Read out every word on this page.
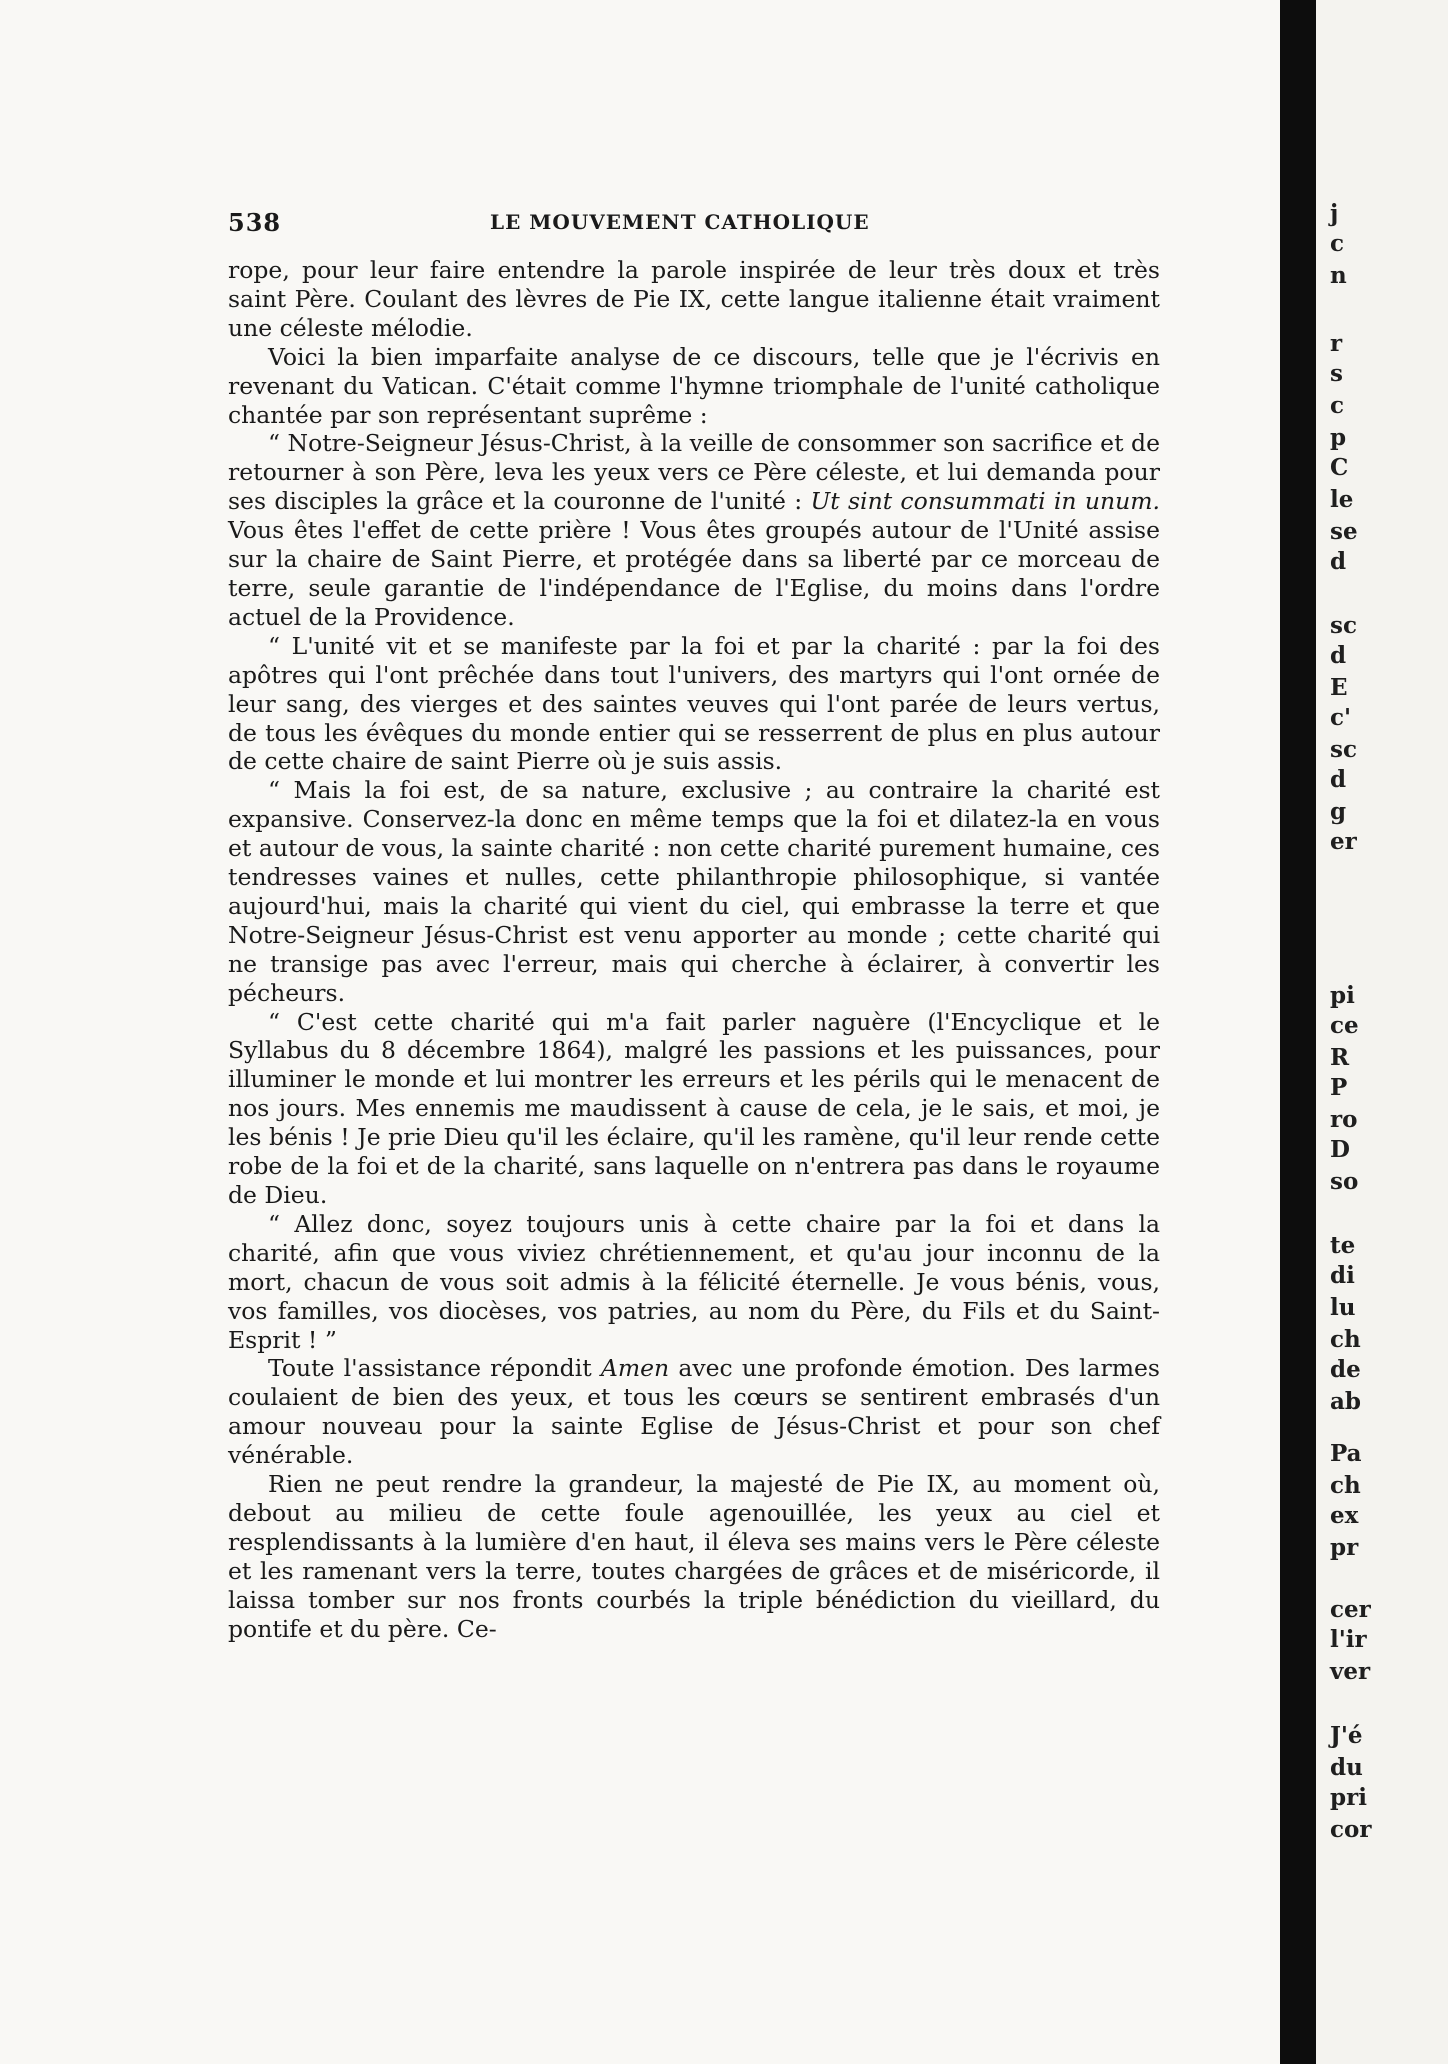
538	LE MOUVEMENT CATHOLIQUE

rope, pour leur faire entendre la parole inspirée de leur très doux et très saint Père. Coulant des lèvres de Pie IX, cette langue italienne était vraiment une céleste mélodie.

Voici la bien imparfaite analyse de ce discours, telle que je l'écrivis en revenant du Vatican. C'était comme l'hymne triomphale de l'unité catholique chantée par son représentant suprême :

“ Notre-Seigneur Jésus-Christ, à la veille de consommer son sacrifice et de retourner à son Père, leva les yeux vers ce Père céleste, et lui demanda pour ses disciples la grâce et la couronne de l'unité : Ut sint consummati in unum. Vous êtes l'effet de cette prière ! Vous êtes groupés autour de l'Unité assise sur la chaire de Saint Pierre, et protégée dans sa liberté par ce morceau de terre, seule garantie de l'indépendance de l'Eglise, du moins dans l'ordre actuel de la Providence.

“ L'unité vit et se manifeste par la foi et par la charité : par la foi des apôtres qui l'ont prêchée dans tout l'univers, des martyrs qui l'ont ornée de leur sang, des vierges et des saintes veuves qui l'ont parée de leurs vertus, de tous les évêques du monde entier qui se resserrent de plus en plus autour de cette chaire de saint Pierre où je suis assis.

“ Mais la foi est, de sa nature, exclusive ; au contraire la charité est expansive. Conservez-la donc en même temps que la foi et dilatez-la en vous et autour de vous, la sainte charité : non cette charité purement humaine, ces tendresses vaines et nulles, cette philanthropie philosophique, si vantée aujourd'hui, mais la charité qui vient du ciel, qui embrasse la terre et que Notre-Seigneur Jésus-Christ est venu apporter au monde ; cette charité qui ne transige pas avec l'erreur, mais qui cherche à éclairer, à convertir les pécheurs.

“ C'est cette charité qui m'a fait parler naguère (l'Encyclique et le Syllabus du 8 décembre 1864), malgré les passions et les puissances, pour illuminer le monde et lui montrer les erreurs et les périls qui le menacent de nos jours. Mes ennemis me maudissent à cause de cela, je le sais, et moi, je les bénis ! Je prie Dieu qu'il les éclaire, qu'il les ramène, qu'il leur rende cette robe de la foi et de la charité, sans laquelle on n'entrera pas dans le royaume de Dieu.

“ Allez donc, soyez toujours unis à cette chaire par la foi et dans la charité, afin que vous viviez chrétiennement, et qu'au jour inconnu de la mort, chacun de vous soit admis à la félicité éternelle. Je vous bénis, vous, vos familles, vos diocèses, vos patries, au nom du Père, du Fils et du Saint-Esprit ! ”

Toute l'assistance répondit Amen avec une profonde émotion. Des larmes coulaient de bien des yeux, et tous les cœurs se sentirent embrasés d'un amour nouveau pour la sainte Eglise de Jésus-Christ et pour son chef vénérable.

Rien ne peut rendre la grandeur, la majesté de Pie IX, au moment où, debout au milieu de cette foule agenouillée, les yeux au ciel et resplendissants à la lumière d'en haut, il éleva ses mains vers le Père céleste et les ramenant vers la terre, toutes chargées de grâces et de miséricorde, il laissa tomber sur nos fronts courbés la triple bénédiction du vieillard, du pontife et du père. Ce-

j
c
n
r
s
c
p
C
le
se
d
sc
d
E
c'
sc
d
g
er
pi
ce
R
P
ro
D
so
te
di
lu
ch
de
ab
Pa
ch
ex
pr
cer
l'ir
ver
J'é
du
pri
cor
